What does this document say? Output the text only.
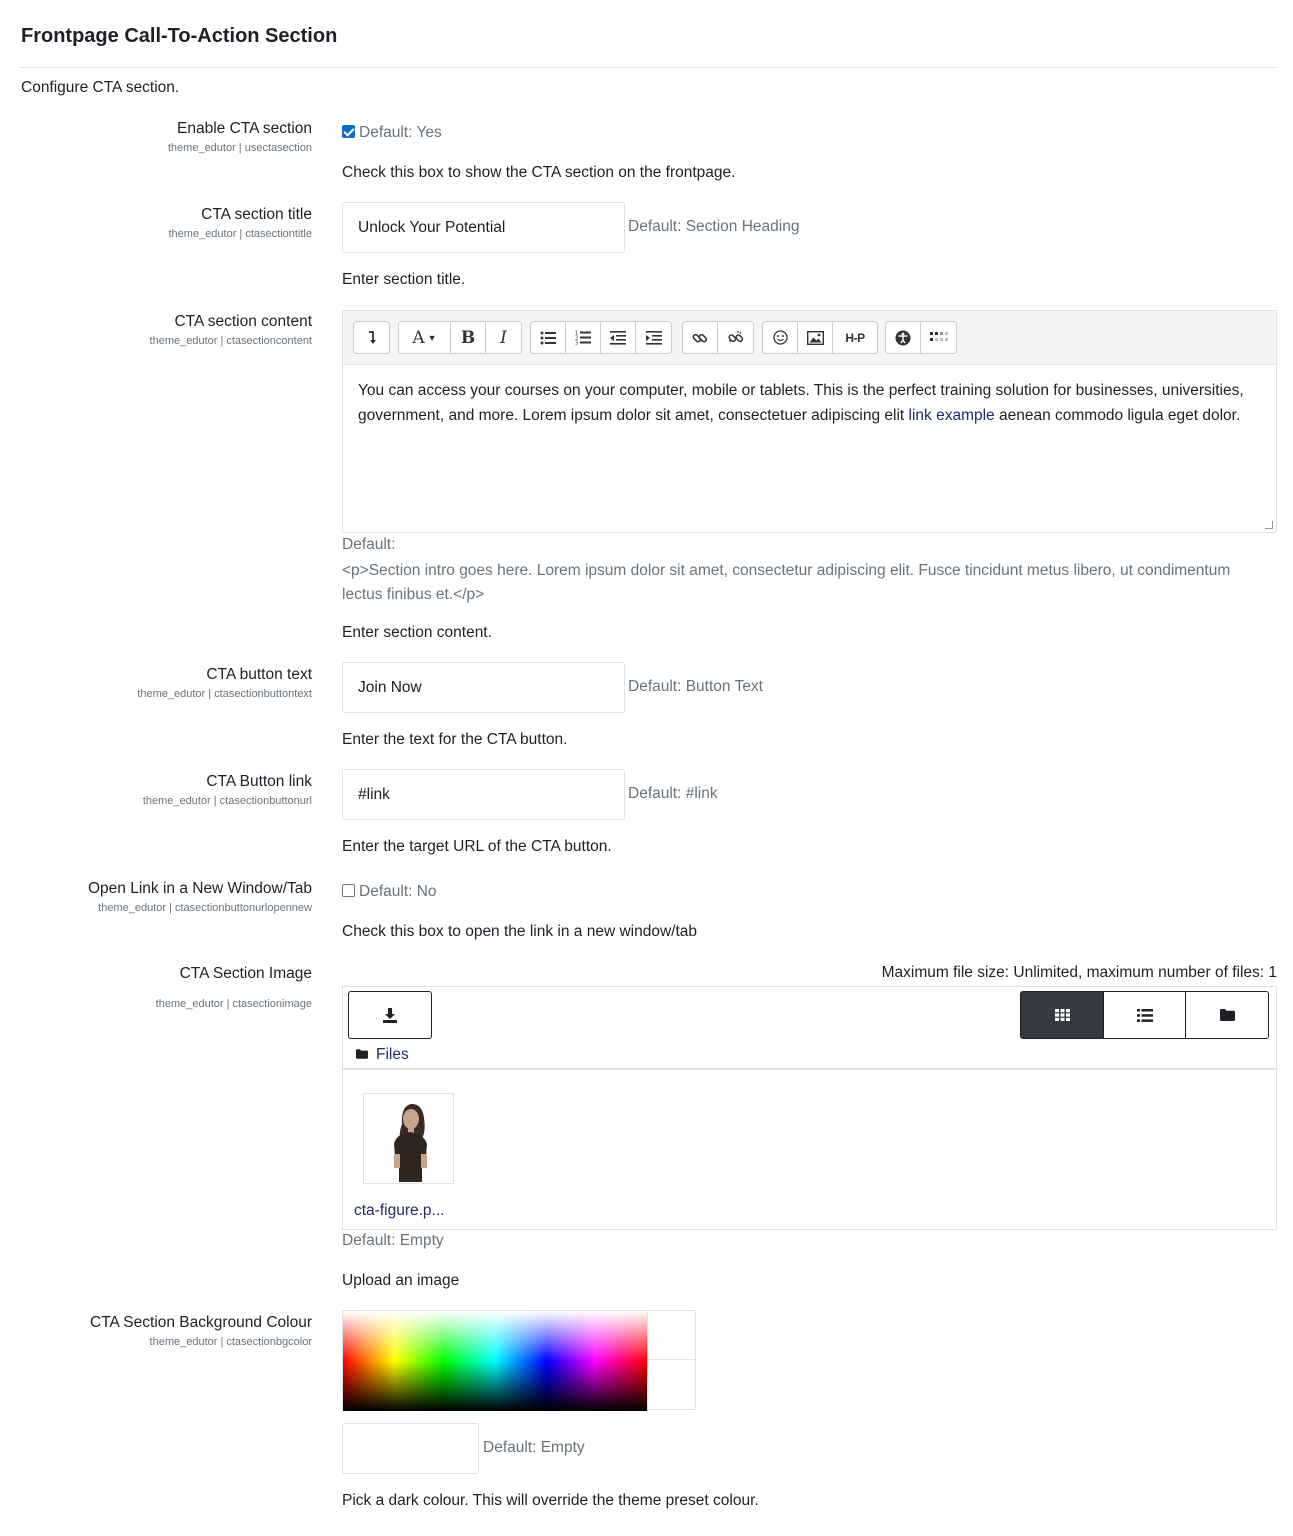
Frontpage Call-To-Action Section
Configure CTA section.
Enable CTA section
theme_edutor | usectasection
Default: Yes
Check this box to show the CTA section on the frontpage.
CTA section title
theme_edutor | ctasectiontitle	Unlock Your Potential	Default: Section Heading
Enter section title.
CTA section content
theme_edutor | ctasectioncontent	A ▼ B I	1
2
3	H-P
You can access your courses on your computer, mobile or tablets. This is the perfect training solution for businesses, universities, government, and more. Lorem ipsum dolor sit amet, consectetuer adipiscing elit link example aenean commodo ligula eget dolor.
Default:
<p>Section intro goes here. Lorem ipsum dolor sit amet, consectetur adipiscing elit. Fusce tincidunt metus libero, ut condimentum lectus finibus et.</p>
Enter section content.
CTA button text
theme_edutor | ctasectionbuttontext	Join Now	Default: Button Text
Enter the text for the CTA button.
CTA Button link
theme_edutor | ctasectionbuttonurl	#link	Default: #link
Enter the target URL of the CTA button.
Open Link in a New Window/Tab
theme_edutor | ctasectionbuttonurlopennew
Default: No
Check this box to open the link in a new window/tab
CTA Section Image
theme_edutor | ctasectionimage
Maximum file size: Unlimited, maximum number of files: 1
Files
cta-figure.p...
Default: Empty
Upload an image
CTA Section Background Colour
theme_edutor | ctasectionbgcolor
Default: Empty
Pick a dark colour. This will override the theme preset colour.
